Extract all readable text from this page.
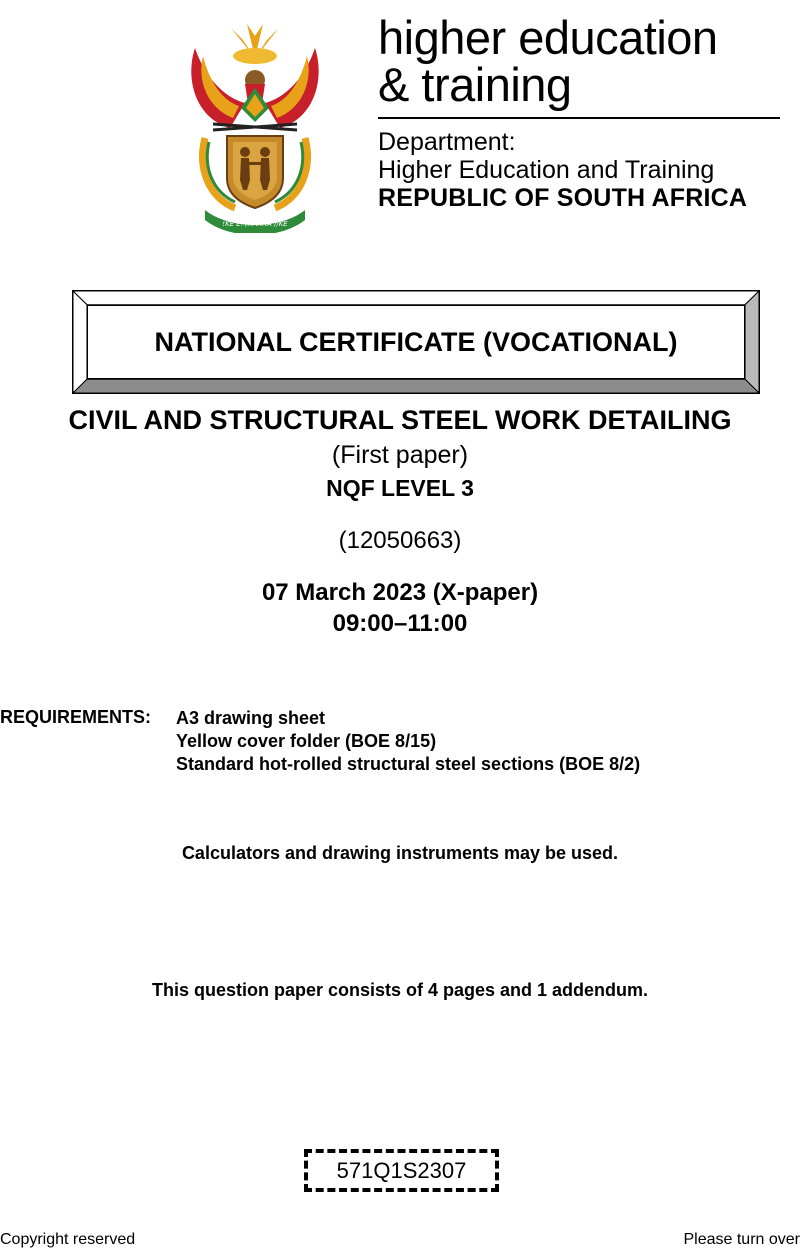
!KE E: /XARRA //KE
higher education
& training
Department:
Higher Education and Training
REPUBLIC OF SOUTH AFRICA
NATIONAL CERTIFICATE (VOCATIONAL)
CIVIL AND STRUCTURAL STEEL WORK DETAILING
(First paper)
NQF LEVEL 3
(12050663)
07 March 2023 (X-paper)
09:00–11:00
REQUIREMENTS: A3 drawing sheet
Yellow cover folder (BOE 8/15)
Standard hot-rolled structural steel sections (BOE 8/2)
Calculators and drawing instruments may be used.
This question paper consists of 4 pages and 1 addendum.
571Q1S2307
Copyright reserved	Please turn over
